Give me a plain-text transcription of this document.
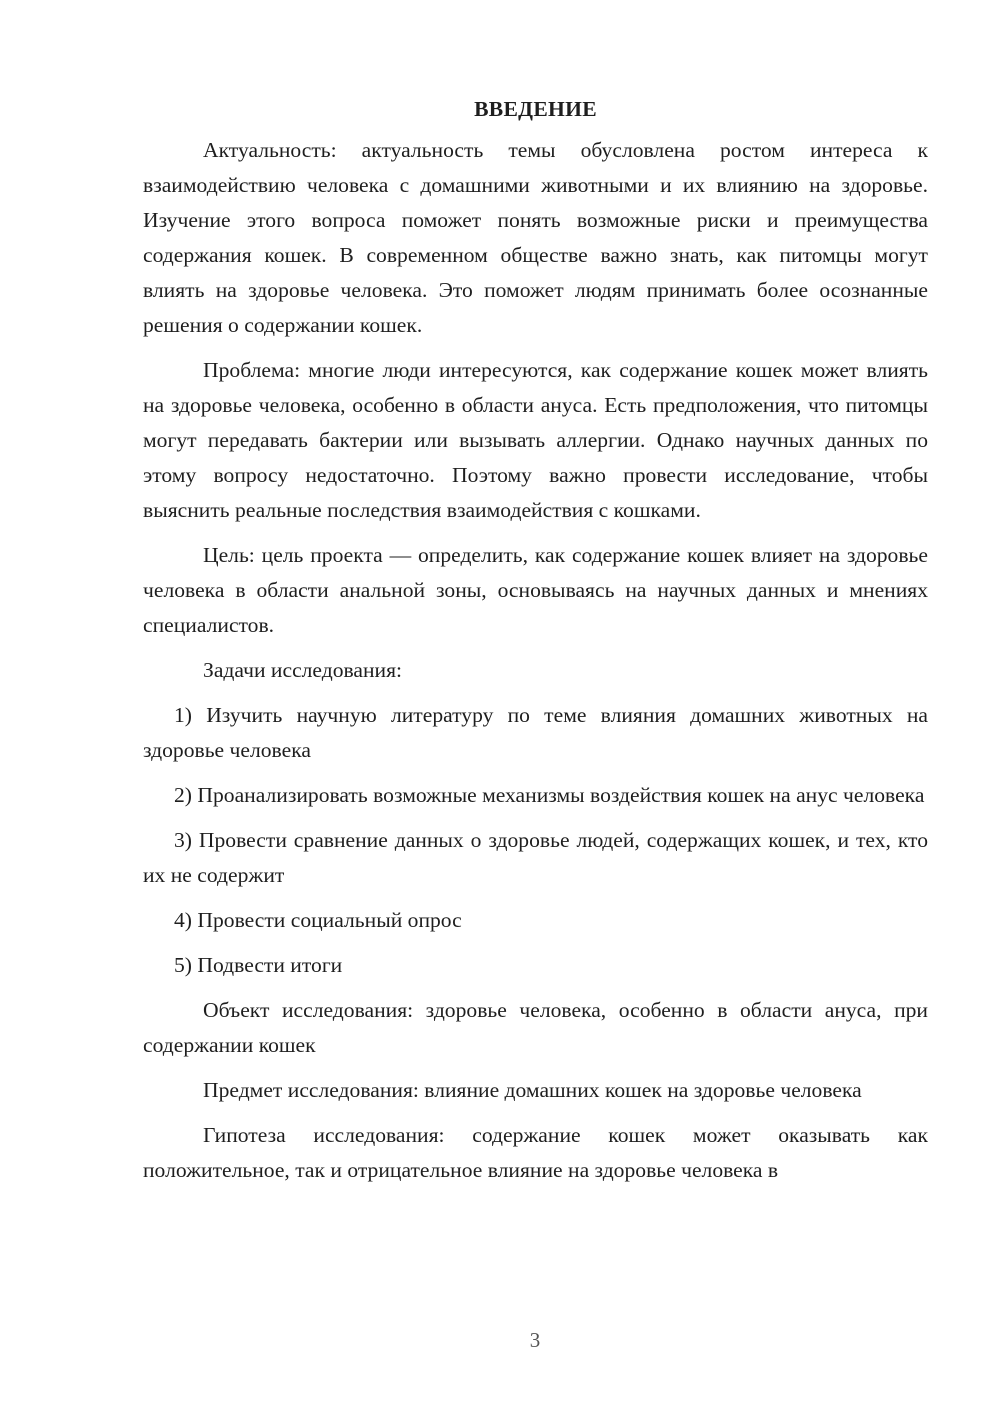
ВВЕДЕНИЕ

Актуальность: актуальность темы обусловлена ростом интереса к взаимодействию человека с домашними животными и их влиянию на здоровье. Изучение этого вопроса поможет понять возможные риски и преимущества содержания кошек. В современном обществе важно знать, как питомцы могут влиять на здоровье человека. Это поможет людям принимать более осознанные решения о содержании кошек.

Проблема: многие люди интересуются, как содержание кошек может влиять на здоровье человека, особенно в области ануса. Есть предположения, что питомцы могут передавать бактерии или вызывать аллергии. Однако научных данных по этому вопросу недостаточно. Поэтому важно провести исследование, чтобы выяснить реальные последствия взаимодействия с кошками.

Цель: цель проекта — определить, как содержание кошек влияет на здоровье человека в области анальной зоны, основываясь на научных данных и мнениях специалистов.

Задачи исследования:

1) Изучить научную литературу по теме влияния домашних животных на здоровье человека

2) Проанализировать возможные механизмы воздействия кошек на анус человека

3) Провести сравнение данных о здоровье людей, содержащих кошек, и тех, кто их не содержит

4) Провести социальный опрос

5) Подвести итоги

Объект исследования: здоровье человека, особенно в области ануса, при содержании кошек

Предмет исследования: влияние домашних кошек на здоровье человека

Гипотеза исследования: содержание кошек может оказывать как положительное, так и отрицательное влияние на здоровье человека в

3
